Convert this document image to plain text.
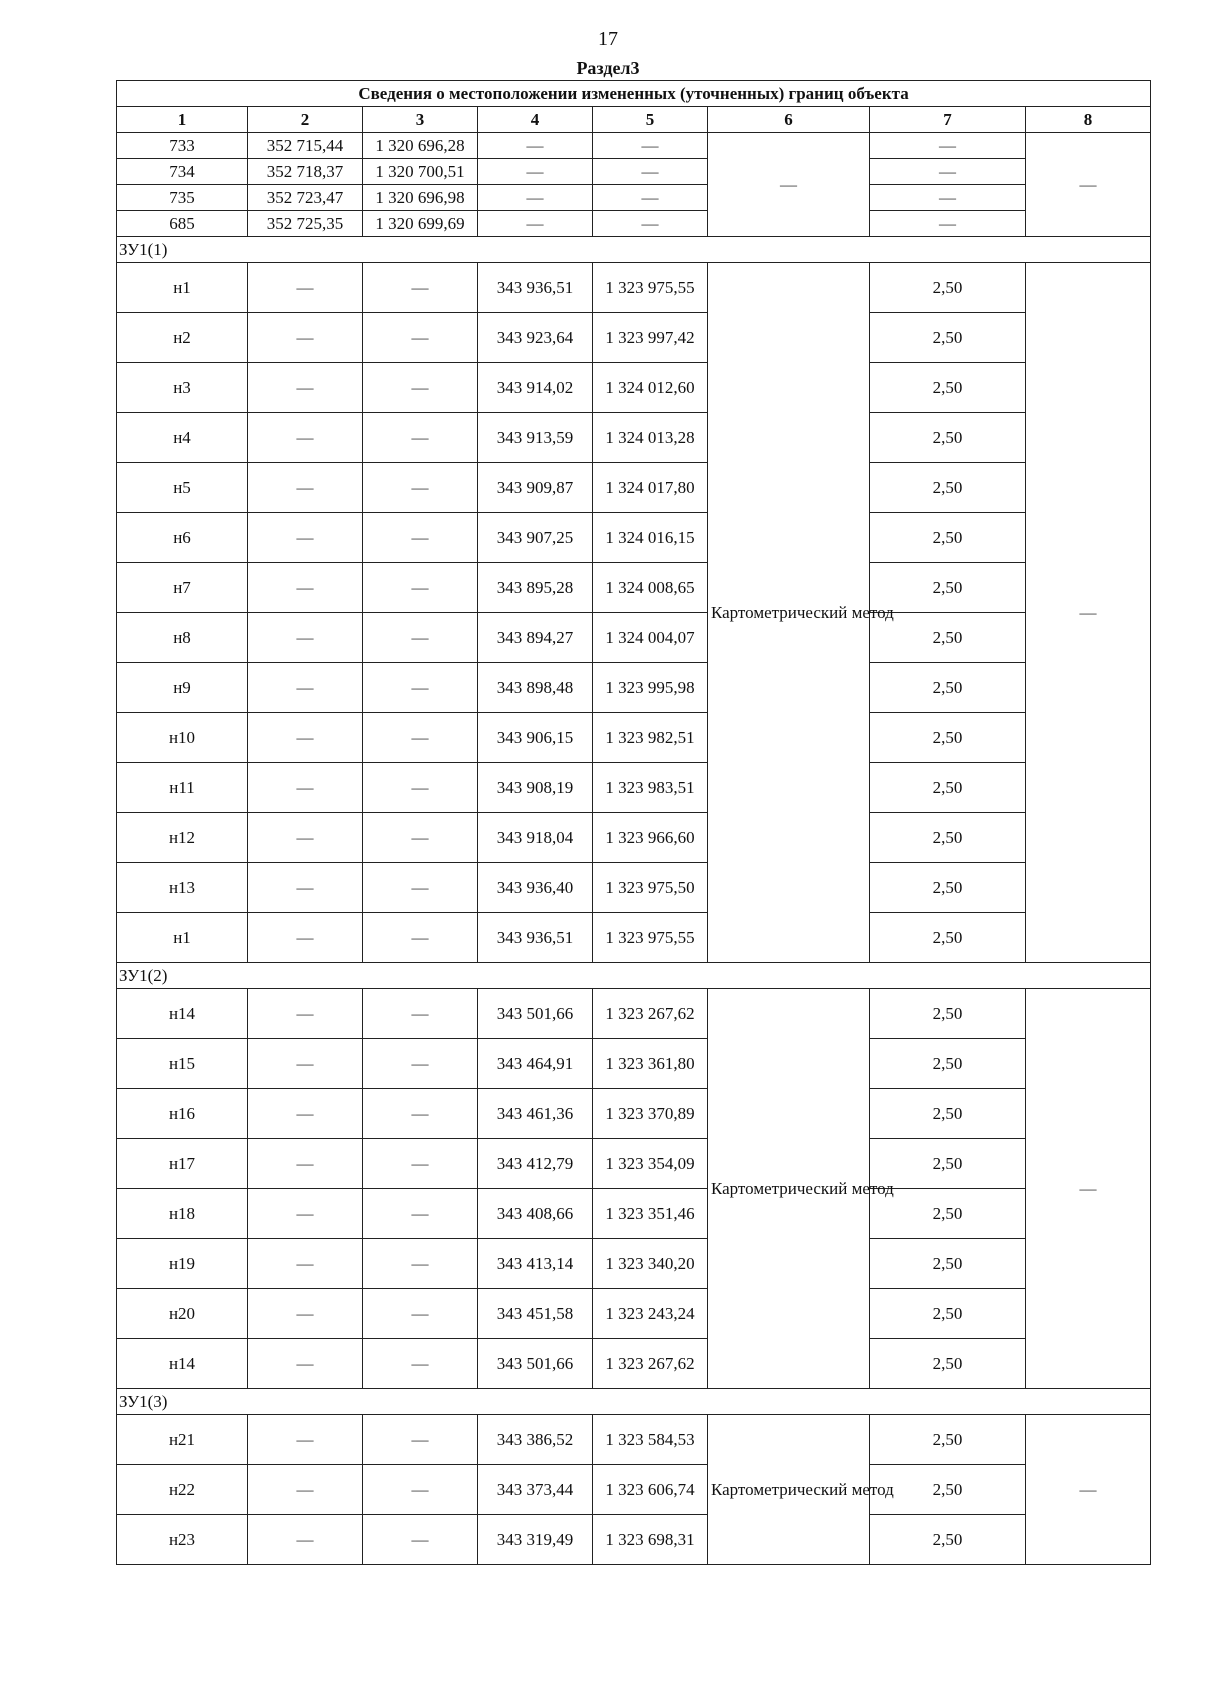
17
Раздел3
Сведения о местоположении измененных (уточненных) границ объекта							
1	2	3	4	5	6	7	8
733	352 715,44	1 320 696,28	—	—	—	—	—
734	352 718,37	1 320 700,51	—	—		—	
735	352 723,47	1 320 696,98	—	—		—	
685	352 725,35	1 320 699,69	—	—		—	
ЗУ1(1)							
н1	—	—	343 936,51	1 323 975,55	Картометрический метод	2,50	—
н2	—	—	343 923,64	1 323 997,42		2,50	
н3	—	—	343 914,02	1 324 012,60		2,50	
н4	—	—	343 913,59	1 324 013,28		2,50	
н5	—	—	343 909,87	1 324 017,80		2,50	
н6	—	—	343 907,25	1 324 016,15		2,50	
н7	—	—	343 895,28	1 324 008,65		2,50	
н8	—	—	343 894,27	1 324 004,07		2,50	
н9	—	—	343 898,48	1 323 995,98		2,50	
н10	—	—	343 906,15	1 323 982,51		2,50	
н11	—	—	343 908,19	1 323 983,51		2,50	
н12	—	—	343 918,04	1 323 966,60		2,50	
н13	—	—	343 936,40	1 323 975,50		2,50	
н1	—	—	343 936,51	1 323 975,55		2,50	
ЗУ1(2)							
н14	—	—	343 501,66	1 323 267,62	Картометрический метод	2,50	—
н15	—	—	343 464,91	1 323 361,80		2,50	
н16	—	—	343 461,36	1 323 370,89		2,50	
н17	—	—	343 412,79	1 323 354,09		2,50	
н18	—	—	343 408,66	1 323 351,46		2,50	
н19	—	—	343 413,14	1 323 340,20		2,50	
н20	—	—	343 451,58	1 323 243,24		2,50	
н14	—	—	343 501,66	1 323 267,62		2,50	
ЗУ1(3)							
н21	—	—	343 386,52	1 323 584,53	Картометрический метод	2,50	—
н22	—	—	343 373,44	1 323 606,74		2,50	
н23	—	—	343 319,49	1 323 698,31		2,50	
